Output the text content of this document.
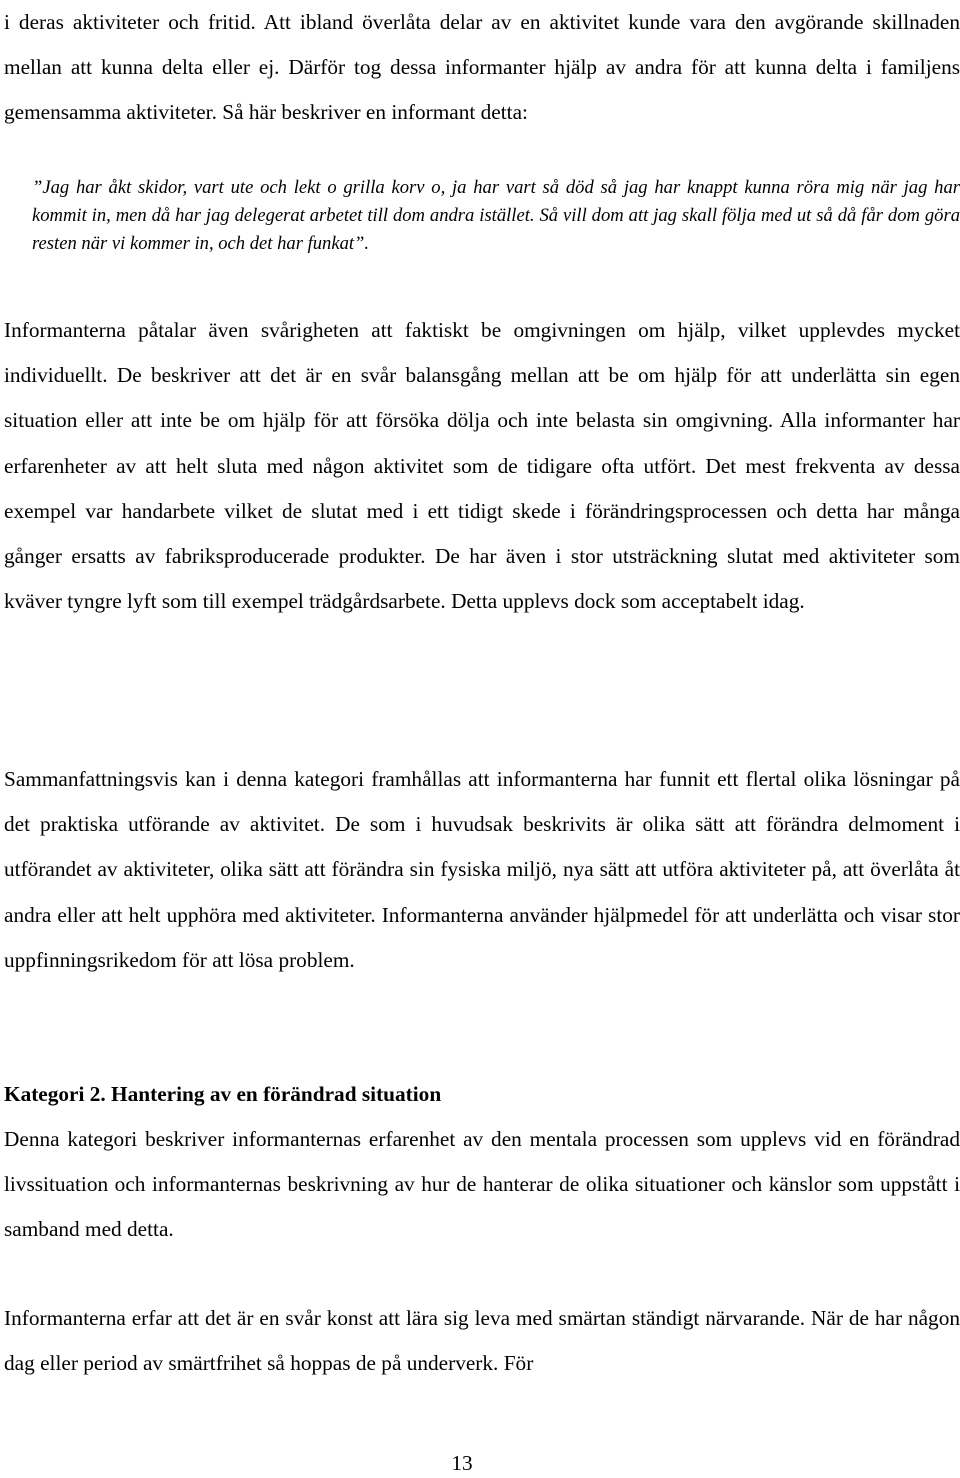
i deras aktiviteter och fritid. Att ibland överlåta delar av en aktivitet kunde vara den avgörande skillnaden mellan att kunna delta eller ej. Därför tog dessa informanter hjälp av andra för att kunna delta i familjens gemensamma aktiviteter. Så här beskriver en informant detta:

”Jag har åkt skidor, vart ute och lekt o grilla korv o, ja har vart så död så jag har knappt kunna röra mig när jag har kommit in, men då har jag delegerat arbetet till dom andra istället. Så vill dom att jag skall följa med ut så då får dom göra resten när vi kommer in, och det har funkat”.

Informanterna påtalar även svårigheten att faktiskt be omgivningen om hjälp, vilket upplevdes mycket individuellt. De beskriver att det är en svår balansgång mellan att be om hjälp för att underlätta sin egen situation eller att inte be om hjälp för att försöka dölja och inte belasta sin omgivning. Alla informanter har erfarenheter av att helt sluta med någon aktivitet som de tidigare ofta utfört. Det mest frekventa av dessa exempel var handarbete vilket de slutat med i ett tidigt skede i förändringsprocessen och detta har många gånger ersatts av fabriksproducerade produkter. De har även i stor utsträckning slutat med aktiviteter som kväver tyngre lyft som till exempel trädgårdsarbete. Detta upplevs dock som acceptabelt idag.

Sammanfattningsvis kan i denna kategori framhållas att informanterna har funnit ett flertal olika lösningar på det praktiska utförande av aktivitet. De som i huvudsak beskrivits är olika sätt att förändra delmoment i utförandet av aktiviteter, olika sätt att förändra sin fysiska miljö, nya sätt att utföra aktiviteter på, att överlåta åt andra eller att helt upphöra med aktiviteter. Informanterna använder hjälpmedel för att underlätta och visar stor uppfinningsrikedom för att lösa problem.

Kategori 2. Hantering av en förändrad situation

Denna kategori beskriver informanternas erfarenhet av den mentala processen som upplevs vid en förändrad livssituation och informanternas beskrivning av hur de hanterar de olika situationer och känslor som uppstått i samband med detta.

Informanterna erfar att det är en svår konst att lära sig leva med smärtan ständigt närvarande. När de har någon dag eller period av smärtfrihet så hoppas de på underverk. För

13
